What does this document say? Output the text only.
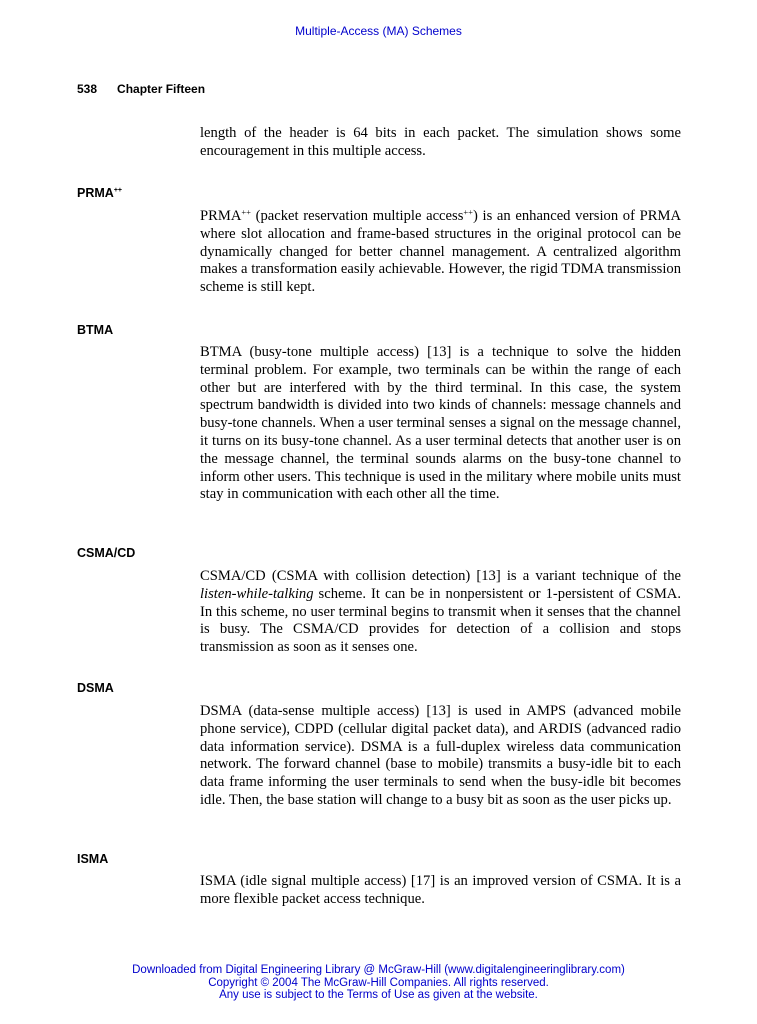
Multiple-Access (MA) Schemes
538 Chapter Fifteen

length of the header is 64 bits in each packet. The simulation shows some encouragement in this multiple access.

PRMA++

PRMA++ (packet reservation multiple access++) is an enhanced version of PRMA where slot allocation and frame-based structures in the original protocol can be dynamically changed for better channel management. A centralized algorithm makes a transformation easily achievable. However, the rigid TDMA transmission scheme is still kept.

BTMA

BTMA (busy-tone multiple access) [13] is a technique to solve the hidden terminal problem. For example, two terminals can be within the range of each other but are interfered with by the third terminal. In this case, the system spectrum bandwidth is divided into two kinds of channels: message channels and busy-tone channels. When a user terminal senses a signal on the message channel, it turns on its busy-tone channel. As a user terminal detects that another user is on the message channel, the terminal sounds alarms on the busy-tone channel to inform other users. This technique is used in the military where mobile units must stay in communication with each other all the time.

CSMA/CD

CSMA/CD (CSMA with collision detection) [13] is a variant technique of the listen-while-talking scheme. It can be in nonpersistent or 1-persistent of CSMA. In this scheme, no user terminal begins to transmit when it senses that the channel is busy. The CSMA/CD provides for detection of a collision and stops transmission as soon as it senses one.

DSMA

DSMA (data-sense multiple access) [13] is used in AMPS (advanced mobile phone service), CDPD (cellular digital packet data), and ARDIS (advanced radio data information service). DSMA is a full-duplex wireless data communication network. The forward channel (base to mobile) transmits a busy-idle bit to each data frame informing the user terminals to send when the busy-idle bit becomes idle. Then, the base station will change to a busy bit as soon as the user picks up.

ISMA

ISMA (idle signal multiple access) [17] is an improved version of CSMA. It is a more flexible packet access technique.

Downloaded from Digital Engineering Library @ McGraw-Hill (www.digitalengineeringlibrary.com)
Copyright © 2004 The McGraw-Hill Companies. All rights reserved.
Any use is subject to the Terms of Use as given at the website.
